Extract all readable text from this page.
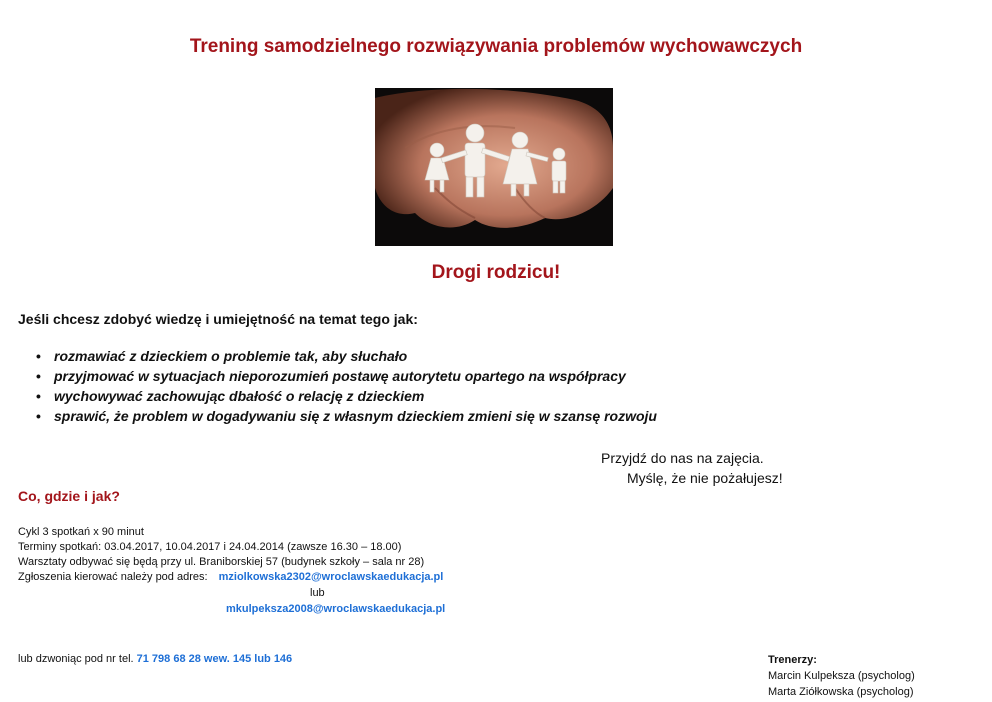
Trening samodzielnego rozwiązywania problemów wychowawczych
Drogi rodzicu!
Jeśli chcesz zdobyć wiedzę i umiejętność na temat tego jak:
• rozmawiać z dzieckiem o problemie tak, aby słuchało
• przyjmować w sytuacjach nieporozumień postawę autorytetu opartego na współpracy
• wychowywać zachowując dbałość o relację z dzieckiem
• sprawić, że problem w dogadywaniu się z własnym dzieckiem zmieni się w szansę rozwoju
Przyjdź do nas na zajęcia.
Myślę, że nie pożałujesz!
Co, gdzie i jak?
Cykl 3 spotkań x 90 minut
Terminy spotkań: 03.04.2017, 10.04.2017 i 24.04.2014 (zawsze 16.30 – 18.00)
Warsztaty odbywać się będą przy ul. Braniborskiej 57 (budynek szkoły – sala nr 28)
Zgłoszenia kierować należy pod adres: mziolkowska2302@wroclawskaedukacja.pl
lub
mkulpeksza2008@wroclawskaedukacja.pl
lub dzwoniąc pod nr tel. 71 798 68 28 wew. 145 lub 146	Trenerzy:
Marcin Kulpeksza (psycholog)
Marta Ziółkowska (psycholog)
